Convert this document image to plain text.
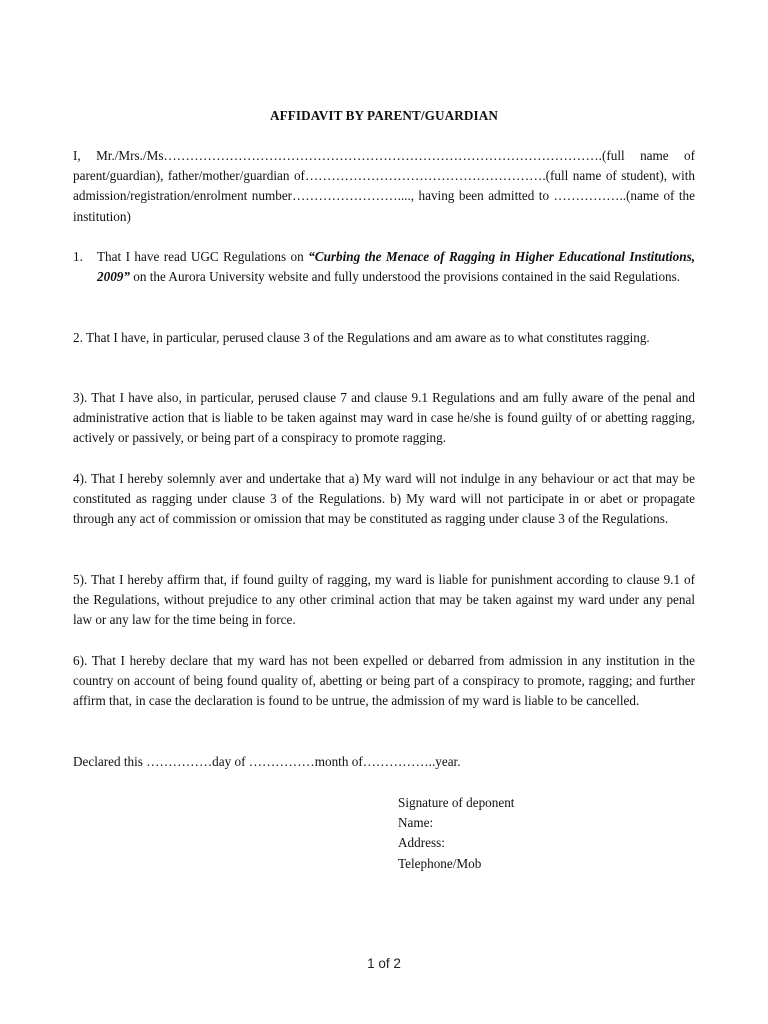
AFFIDAVIT BY PARENT/GUARDIAN

I, Mr./Mrs./Ms……………………………………………………………………………………….(full name of parent/guardian), father/mother/guardian of……………………………………………….(full name of student), with admission/registration/enrolment number……………………...., having been admitted to ……………..(name of the institution)

1. That I have read UGC Regulations on “Curbing the Menace of Ragging in Higher Educational Institutions, 2009” on the Aurora University website and fully understood the provisions contained in the said Regulations.

2. That I have, in particular, perused clause 3 of the Regulations and am aware as to what constitutes ragging.

3). That I have also, in particular, perused clause 7 and clause 9.1 Regulations and am fully aware of the penal and administrative action that is liable to be taken against may ward in case he/she is found guilty of or abetting ragging, actively or passively, or being part of a conspiracy to promote ragging.

4). That I hereby solemnly aver and undertake that a) My ward will not indulge in any behaviour or act that may be constituted as ragging under clause 3 of the Regulations. b) My ward will not participate in or abet or propagate through any act of commission or omission that may be constituted as ragging under clause 3 of the Regulations.

5). That I hereby affirm that, if found guilty of ragging, my ward is liable for punishment according to clause 9.1 of the Regulations, without prejudice to any other criminal action that may be taken against my ward under any penal law or any law for the time being in force.

6). That I hereby declare that my ward has not been expelled or debarred from admission in any institution in the country on account of being found quality of, abetting or being part of a conspiracy to promote, ragging; and further affirm that, in case the declaration is found to be untrue, the admission of my ward is liable to be cancelled.

Declared this ……………day of ……………month of……………..year.

Signature of deponent
Name:
Address:
Telephone/Mob
1 of 2
